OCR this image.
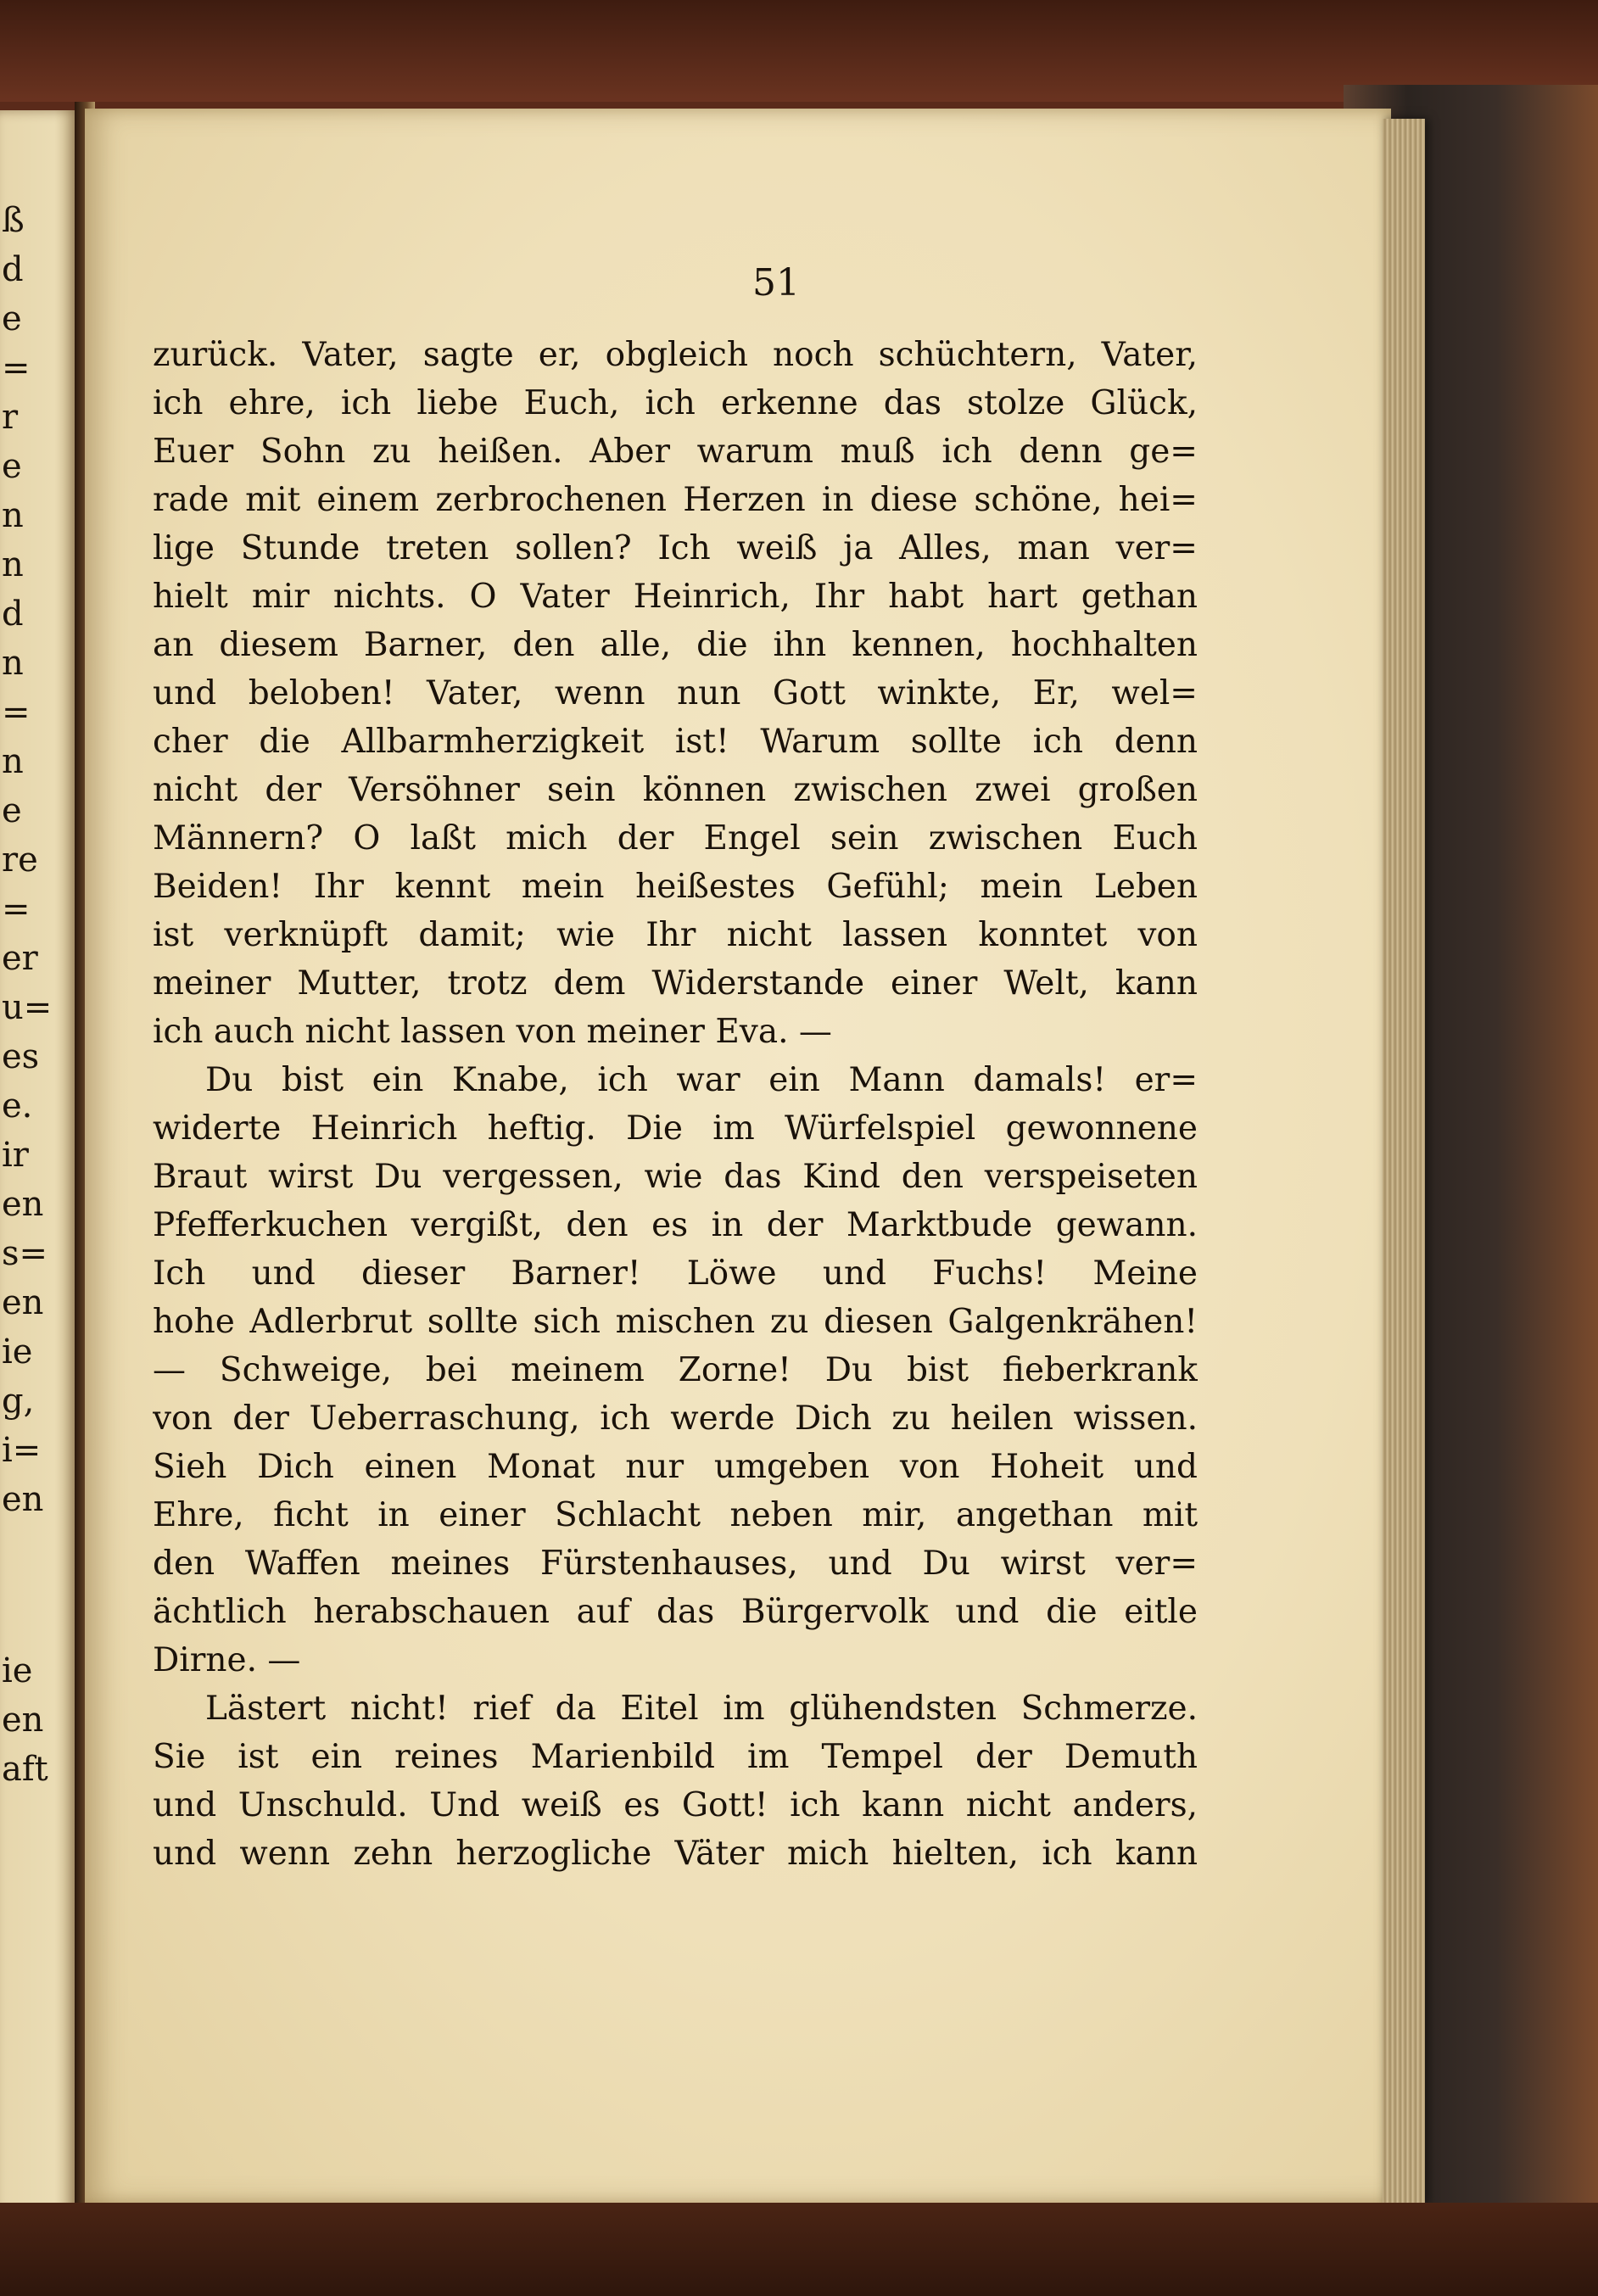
ß
d
e
=
r
e
n
n
d
n
=
n
e
re
=
er
u=
es
e.
ir
en
s=
en
ie
g,
i=
en
ie
en
aft
51
zurück. Vater, sagte er, obgleich noch schüchtern, Vater,
ich ehre, ich liebe Euch, ich erkenne das stolze Glück,
Euer Sohn zu heißen. Aber warum muß ich denn ge=
rade mit einem zerbrochenen Herzen in diese schöne, hei=
lige Stunde treten sollen? Ich weiß ja Alles, man ver=
hielt mir nichts. O Vater Heinrich, Ihr habt hart gethan
an diesem Barner, den alle, die ihn kennen, hochhalten
und beloben! Vater, wenn nun Gott winkte, Er, wel=
cher die Allbarmherzigkeit ist! Warum sollte ich denn
nicht der Versöhner sein können zwischen zwei großen
Männern? O laßt mich der Engel sein zwischen Euch
Beiden! Ihr kennt mein heißestes Gefühl; mein Leben
ist verknüpft damit; wie Ihr nicht lassen konntet von
meiner Mutter, trotz dem Widerstande einer Welt, kann
ich auch nicht lassen von meiner Eva. —
Du bist ein Knabe, ich war ein Mann damals! er=
widerte Heinrich heftig. Die im Würfelspiel gewonnene
Braut wirst Du vergessen, wie das Kind den verspeiseten
Pfefferkuchen vergißt, den es in der Marktbude gewann.
Ich und dieser Barner! Löwe und Fuchs! Meine
hohe Adlerbrut sollte sich mischen zu diesen Galgenkrähen!
— Schweige, bei meinem Zorne! Du bist fieberkrank
von der Ueberraschung, ich werde Dich zu heilen wissen.
Sieh Dich einen Monat nur umgeben von Hoheit und
Ehre, ficht in einer Schlacht neben mir, angethan mit
den Waffen meines Fürstenhauses, und Du wirst ver=
ächtlich herabschauen auf das Bürgervolk und die eitle
Dirne. —
Lästert nicht! rief da Eitel im glühendsten Schmerze.
Sie ist ein reines Marienbild im Tempel der Demuth
und Unschuld. Und weiß es Gott! ich kann nicht anders,
und wenn zehn herzogliche Väter mich hielten, ich kann
